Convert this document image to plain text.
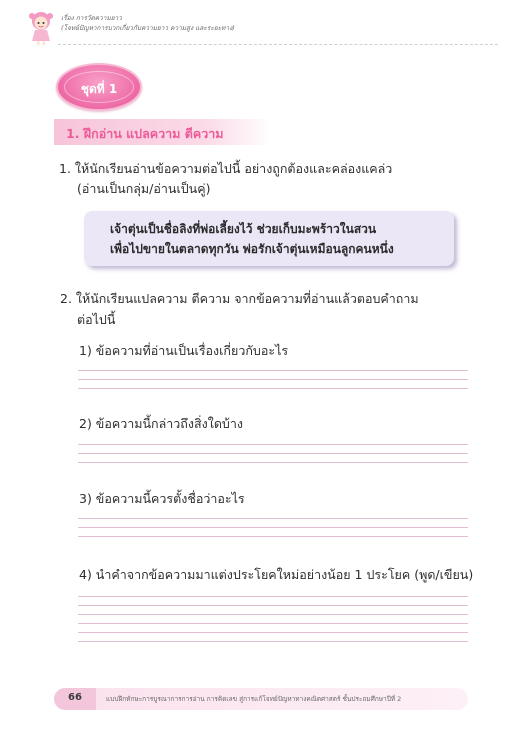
เรื่อง การวัดความยาว
(โจทย์ปัญหาการบวกเกี่ยวกับความยาว ความสูง และระยะทาง)
ชุดที่ 1
1. ฝึกอ่าน แปลความ ตีความ
1. ให้นักเรียนอ่านข้อความต่อไปนี้ อย่างถูกต้องและคล่องแคล่ว
(อ่านเป็นกลุ่ม/อ่านเป็นคู่)
เจ้าตุ่นเป็นชื่อลิงที่พ่อเลี้ยงไว้ ช่วยเก็บมะพร้าวในสวน
เพื่อไปขายในตลาดทุกวัน พ่อรักเจ้าตุ่นเหมือนลูกคนหนึ่ง
2. ให้นักเรียนแปลความ ตีความ จากข้อความที่อ่านแล้วตอบคำถาม
ต่อไปนี้
1) ข้อความที่อ่านเป็นเรื่องเกี่ยวกับอะไร
2) ข้อความนี้กล่าวถึงสิ่งใดบ้าง
3) ข้อความนี้ควรตั้งชื่อว่าอะไร
4) นำคำจากข้อความมาแต่งประโยคใหม่อย่างน้อย 1 ประโยค (พูด/เขียน)
66	แบบฝึกทักษะการบูรณาการการอ่าน การคิดเลข สู่การแก้โจทย์ปัญหาทางคณิตศาสตร์ ชั้นประถมศึกษาปีที่ 2
